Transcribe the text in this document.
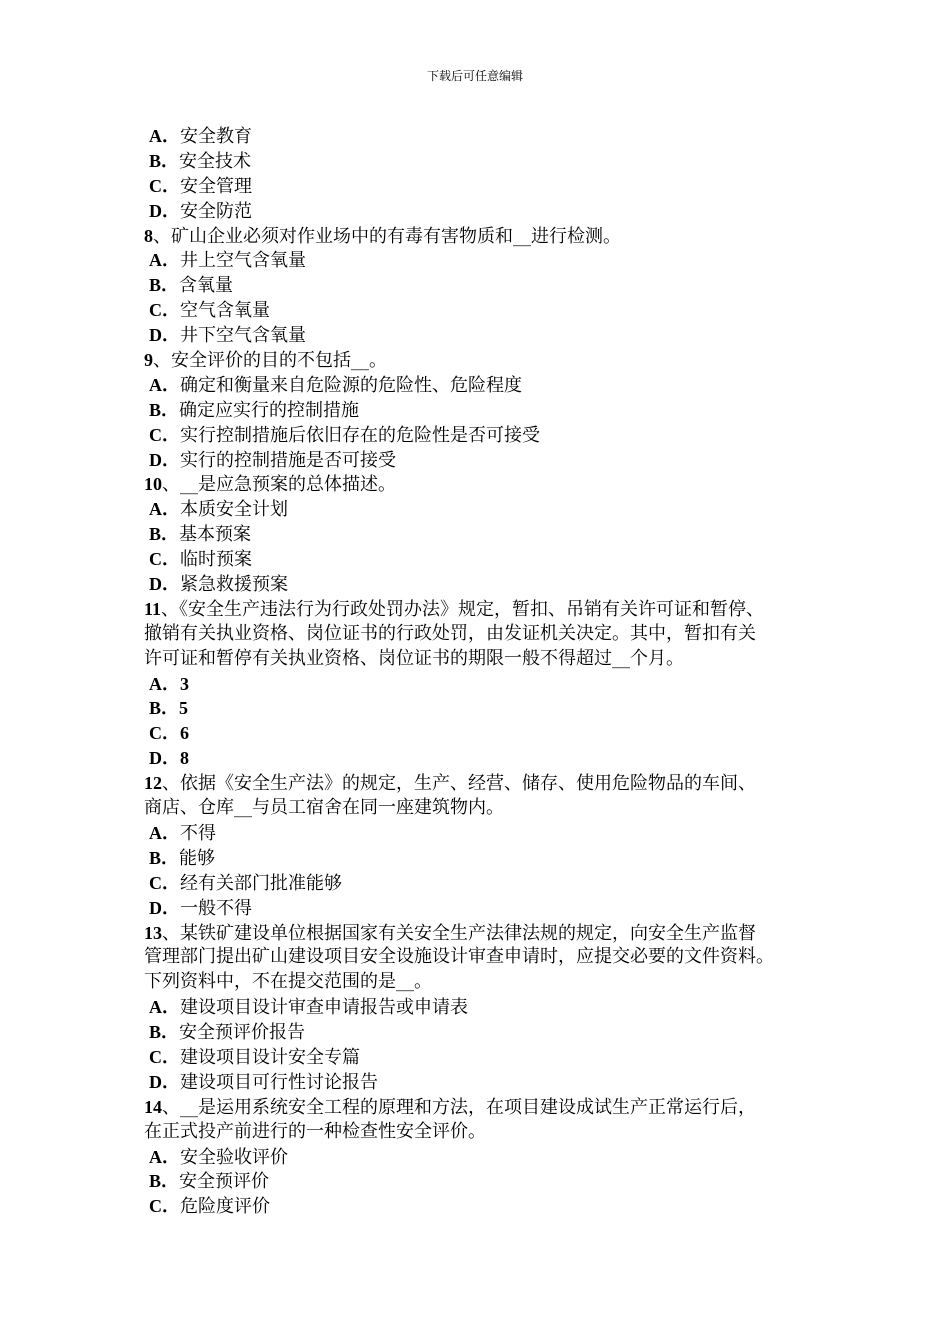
下载后可任意编辑

A．安全教育

B．安全技术

C．安全管理

D．安全防范

8、矿山企业必须对作业场中的有毒有害物质和__进行检测。

A．井上空气含氧量

B．含氧量

C．空气含氧量

D．井下空气含氧量

9、安全评价的目的不包括__。

A．确定和衡量来自危险源的危险性、危险程度

B．确定应实行的控制措施

C．实行控制措施后依旧存在的危险性是否可接受

D．实行的控制措施是否可接受

10、__是应急预案的总体描述。

A．本质安全计划

B．基本预案

C．临时预案

D．紧急救援预案

11、《安全生产违法行为行政处罚办法》规定，暂扣、吊销有关许可证和暂停、

撤销有关执业资格、岗位证书的行政处罚，由发证机关决定。其中，暂扣有关

许可证和暂停有关执业资格、岗位证书的期限一般不得超过__个月。

A．3

B．5

C．6

D．8

12、依据《安全生产法》的规定，生产、经营、储存、使用危险物品的车间、

商店、仓库__与员工宿舍在同一座建筑物内。

A．不得

B．能够

C．经有关部门批准能够

D．一般不得

13、某铁矿建设单位根据国家有关安全生产法律法规的规定，向安全生产监督

管理部门提出矿山建设项目安全设施设计审查申请时，应提交必要的文件资料。

下列资料中，不在提交范围的是__。

A．建设项目设计审查申请报告或申请表

B．安全预评价报告

C．建设项目设计安全专篇

D．建设项目可行性讨论报告

14、__是运用系统安全工程的原理和方法，在项目建设成试生产正常运行后，

在正式投产前进行的一种检查性安全评价。

A．安全验收评价

B．安全预评价

C．危险度评价
